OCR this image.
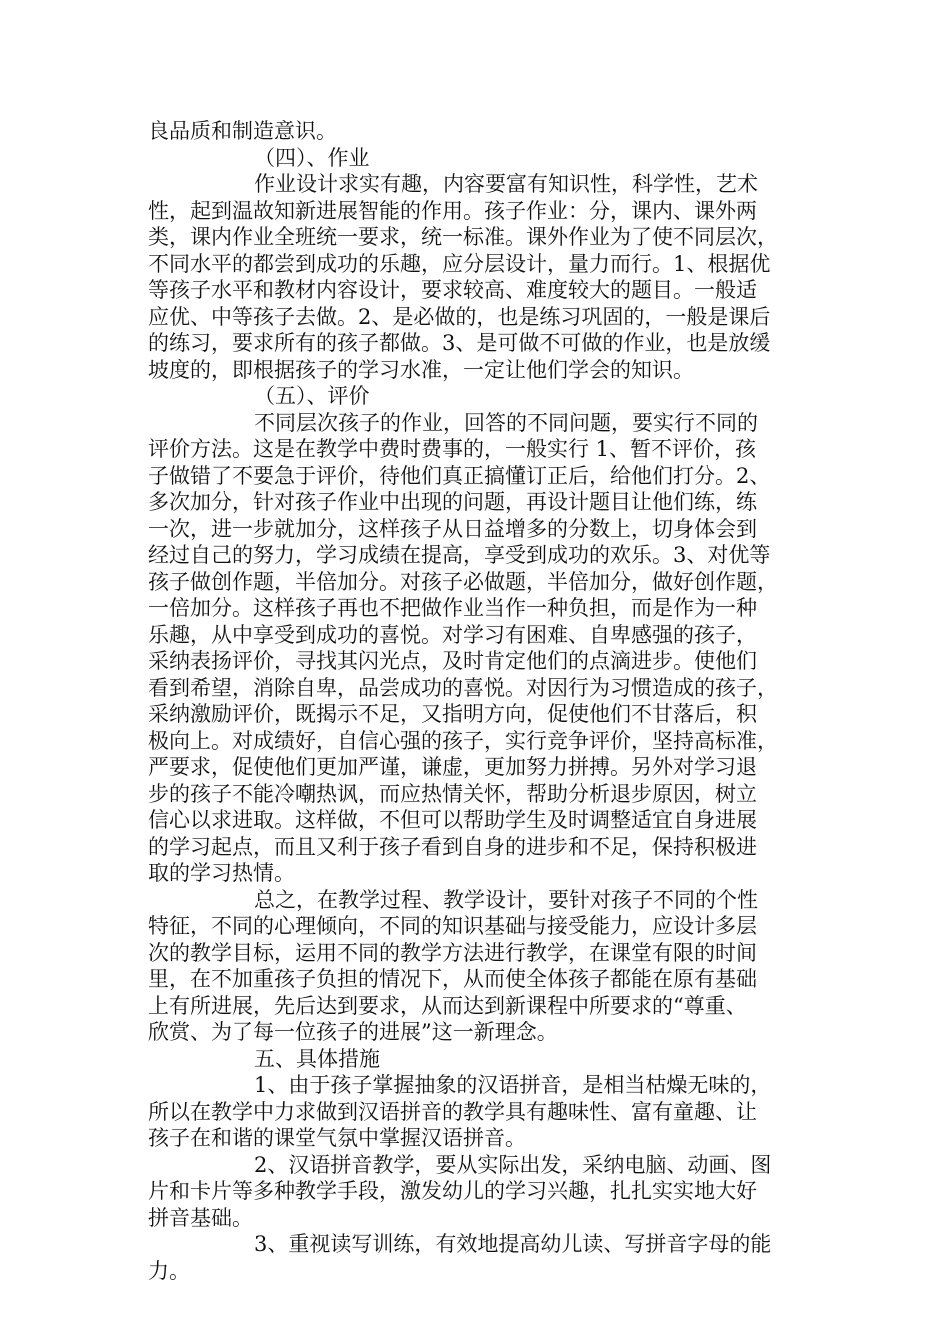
良品质和制造意识。
（四）、作业
作业设计求实有趣，内容要富有知识性，科学性，艺术
性，起到温故知新进展智能的作用。孩子作业：分，课内、课外两
类，课内作业全班统一要求，统一标准。课外作业为了使不同层次，
不同水平的都尝到成功的乐趣，应分层设计，量力而行。1、根据优
等孩子水平和教材内容设计，要求较高、难度较大的题目。一般适
应优、中等孩子去做。2、是必做的，也是练习巩固的，一般是课后
的练习，要求所有的孩子都做。3、是可做不可做的作业，也是放缓
坡度的，即根据孩子的学习水准，一定让他们学会的知识。
（五）、评价
不同层次孩子的作业，回答的不同问题，要实行不同的
评价方法。这是在教学中费时费事的，一般实行 1、暂不评价，孩
子做错了不要急于评价，待他们真正搞懂订正后，给他们打分。2、
多次加分，针对孩子作业中出现的问题，再设计题目让他们练，练
一次，进一步就加分，这样孩子从日益增多的分数上，切身体会到
经过自己的努力，学习成绩在提高，享受到成功的欢乐。3、对优等
孩子做创作题，半倍加分。对孩子必做题，半倍加分，做好创作题，
一倍加分。这样孩子再也不把做作业当作一种负担，而是作为一种
乐趣，从中享受到成功的喜悦。对学习有困难、自卑感强的孩子，
采纳表扬评价，寻找其闪光点，及时肯定他们的点滴进步。使他们
看到希望，消除自卑，品尝成功的喜悦。对因行为习惯造成的孩子，
采纳激励评价，既揭示不足，又指明方向，促使他们不甘落后，积
极向上。对成绩好，自信心强的孩子，实行竞争评价，坚持高标准，
严要求，促使他们更加严谨，谦虚，更加努力拼搏。另外对学习退
步的孩子不能冷嘲热讽，而应热情关怀，帮助分析退步原因，树立
信心以求进取。这样做，不但可以帮助学生及时调整适宜自身进展
的学习起点，而且又利于孩子看到自身的进步和不足，保持积极进
取的学习热情。
总之，在教学过程、教学设计，要针对孩子不同的个性
特征，不同的心理倾向，不同的知识基础与接受能力，应设计多层
次的教学目标，运用不同的教学方法进行教学，在课堂有限的时间
里，在不加重孩子负担的情况下，从而使全体孩子都能在原有基础
上有所进展，先后达到要求，从而达到新课程中所要求的“尊重、
欣赏、为了每一位孩子的进展”这一新理念。
五、具体措施
1、由于孩子掌握抽象的汉语拼音，是相当枯燥无味的，
所以在教学中力求做到汉语拼音的教学具有趣味性、富有童趣、让
孩子在和谐的课堂气氛中掌握汉语拼音。
2、汉语拼音教学，要从实际出发，采纳电脑、动画、图
片和卡片等多种教学手段，激发幼儿的学习兴趣，扎扎实实地大好
拼音基础。
3、重视读写训练，有效地提高幼儿读、写拼音字母的能
力。
